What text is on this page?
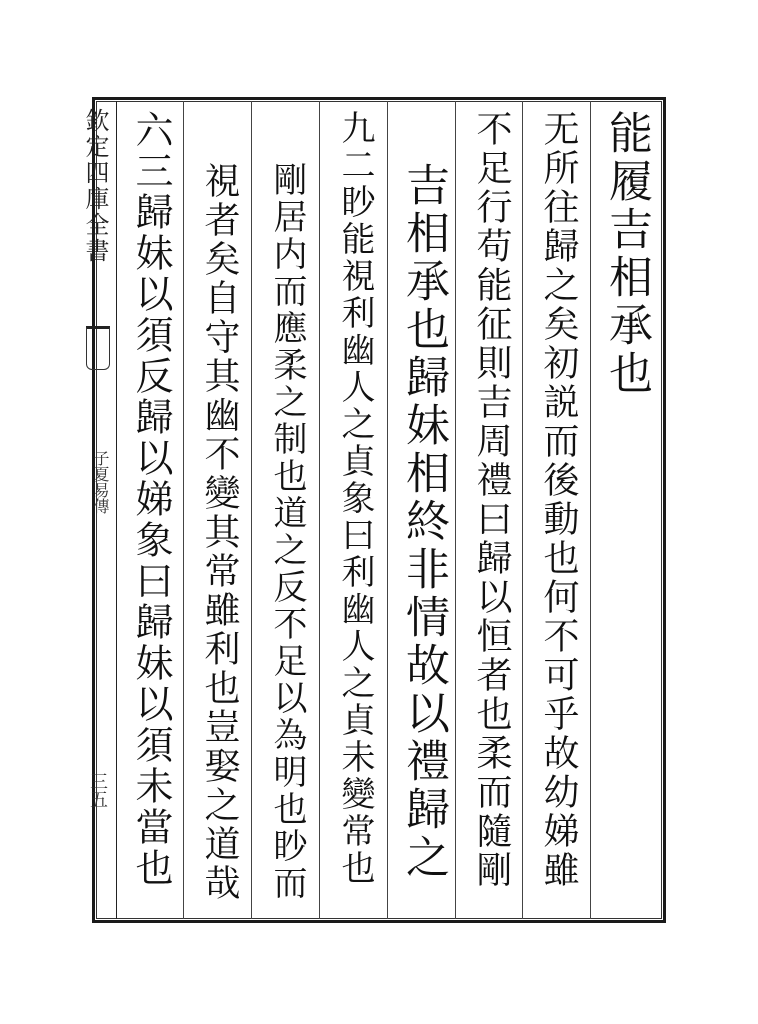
欽定四庫全書
子夏易傳
三五
能履吉相承也
无所往歸之矣初説而後動也何不可乎故幼娣雖
不足行苟能征則吉周禮曰歸以恒者也柔而隨剛
吉相承也歸妹相終非情故以禮歸之
九二眇能視利幽人之貞象曰利幽人之貞未變常也
剛居内而應柔之制也道之反不足以為明也眇而
視者矣自守其幽不變其常雖利也豈娶之道哉
六三歸妹以須反歸以娣象曰歸妹以須未當也
